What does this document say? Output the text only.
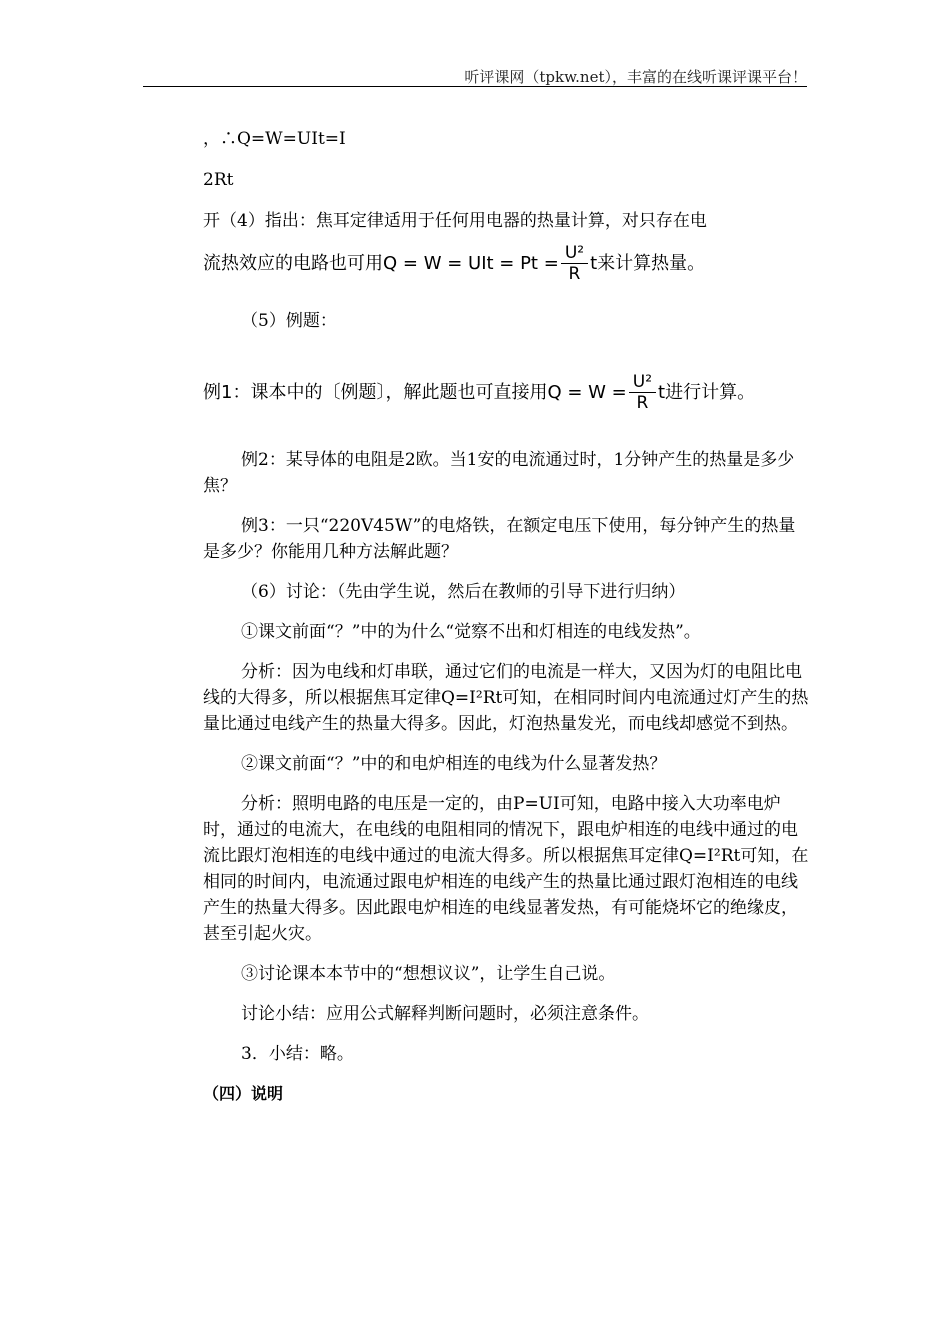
听评课网（tpkw.net），丰富的在线听课评课平台！

，∴Q=W=UIt=I

2Rt

开（4）指出：焦耳定律适用于任何用电器的热量计算，对只存在电

流热效应的电路也可用Q = W = UIt = $Pt = \frac{\text{U²}}{R}$ t来计算热量。

（5）例题：

例1：课本中的〔例题〕，解此题也可直接用$Q = W = \frac{\text{U²}}{R}$ t进行计算。

例2：某导体的电阻是2欧。当1安的电流通过时，1分钟产生的热量是多少焦？

例3：一只“220V45W”的电烙铁，在额定电压下使用，每分钟产生的热量是多少？你能用几种方法解此题？

（6）讨论：（先由学生说，然后在教师的引导下进行归纳）

①课文前面“？”中的为什么“觉察不出和灯相连的电线发热”。

分析：因为电线和灯串联，通过它们的电流是一样大，又因为灯的电阻比电线的大得多，所以根据焦耳定律Q=I²Rt可知，在相同时间内电流通过灯产生的热量比通过电线产生的热量大得多。因此，灯泡热量发光，而电线却感觉不到热。

②课文前面“？”中的和电炉相连的电线为什么显著发热？

分析：照明电路的电压是一定的，由P=UI可知，电路中接入大功率电炉时，通过的电流大，在电线的电阻相同的情况下，跟电炉相连的电线中通过的电流比跟灯泡相连的电线中通过的电流大得多。所以根据焦耳定律Q=I²Rt可知，在相同的时间内，电流通过跟电炉相连的电线产生的热量比通过跟灯泡相连的电线产生的热量大得多。因此跟电炉相连的电线显著发热，有可能烧坏它的绝缘皮，甚至引起火灾。

③讨论课本本节中的“想想议议”，让学生自己说。

讨论小结：应用公式解释判断问题时，必须注意条件。

3．小结：略。

（四）说明
